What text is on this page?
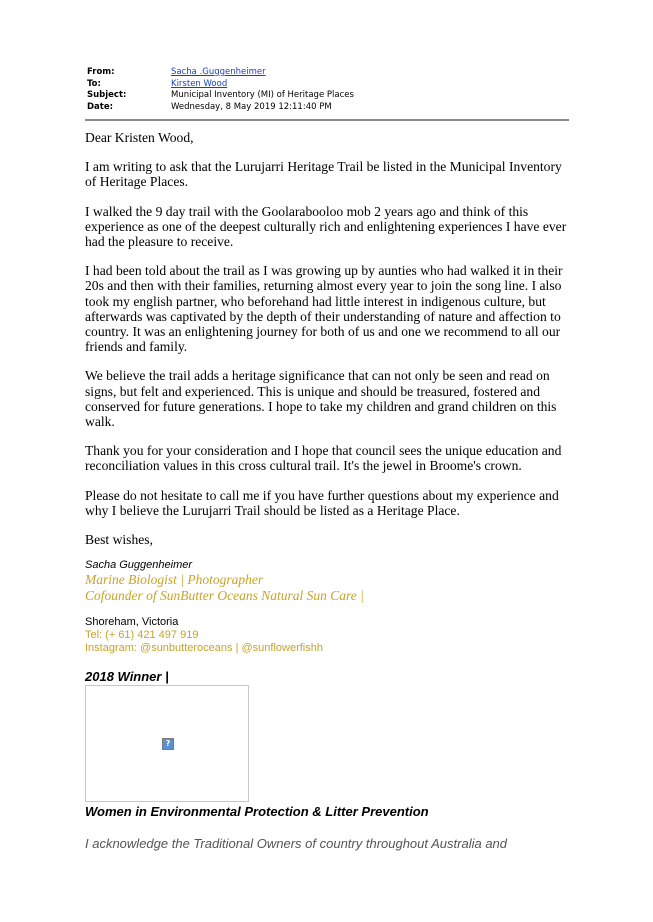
From:	Sacha .Guggenheimer
To:	Kirsten Wood
Subject:	Municipal Inventory (MI) of Heritage Places
Date:	Wednesday, 8 May 2019 12:11:40 PM

Dear Kristen Wood,

I am writing to ask that the Lurujarri Heritage Trail be listed in the Municipal Inventory of Heritage Places.

I walked the 9 day trail with the Goolarabooloo mob 2 years ago and think of this experience as one of the deepest culturally rich and enlightening experiences I have ever had the pleasure to receive.

I had been told about the trail as I was growing up by aunties who had walked it in their 20s and then with their families, returning almost every year to join the song line. I also took my english partner, who beforehand had little interest in indigenous culture, but afterwards was captivated by the depth of their understanding of nature and affection to country. It was an enlightening journey for both of us and one we recommend to all our friends and family.

We believe the trail adds a heritage significance that can not only be seen and read on signs, but felt and experienced. This is unique and should be treasured, fostered and conserved for future generations. I hope to take my children and grand children on this walk.

Thank you for your consideration and I hope that council sees the unique education and reconciliation values in this cross cultural trail. It's the jewel in Broome's crown.

Please do not hesitate to call me if you have further questions about my experience and why I believe the Lurujarri Trail should be listed as a Heritage Place.

Best wishes,

Sacha Guggenheimer
Marine Biologist | Photographer
Cofounder of SunButter Oceans Natural Sun Care |
Shoreham, Victoria
Tel: (+ 61) 421 497 919
Instagram: @sunbutteroceans | @sunflowerfishh
2018 Winner |
?
Women in Environmental Protection & Litter Prevention
I acknowledge the Traditional Owners of country throughout Australia and
